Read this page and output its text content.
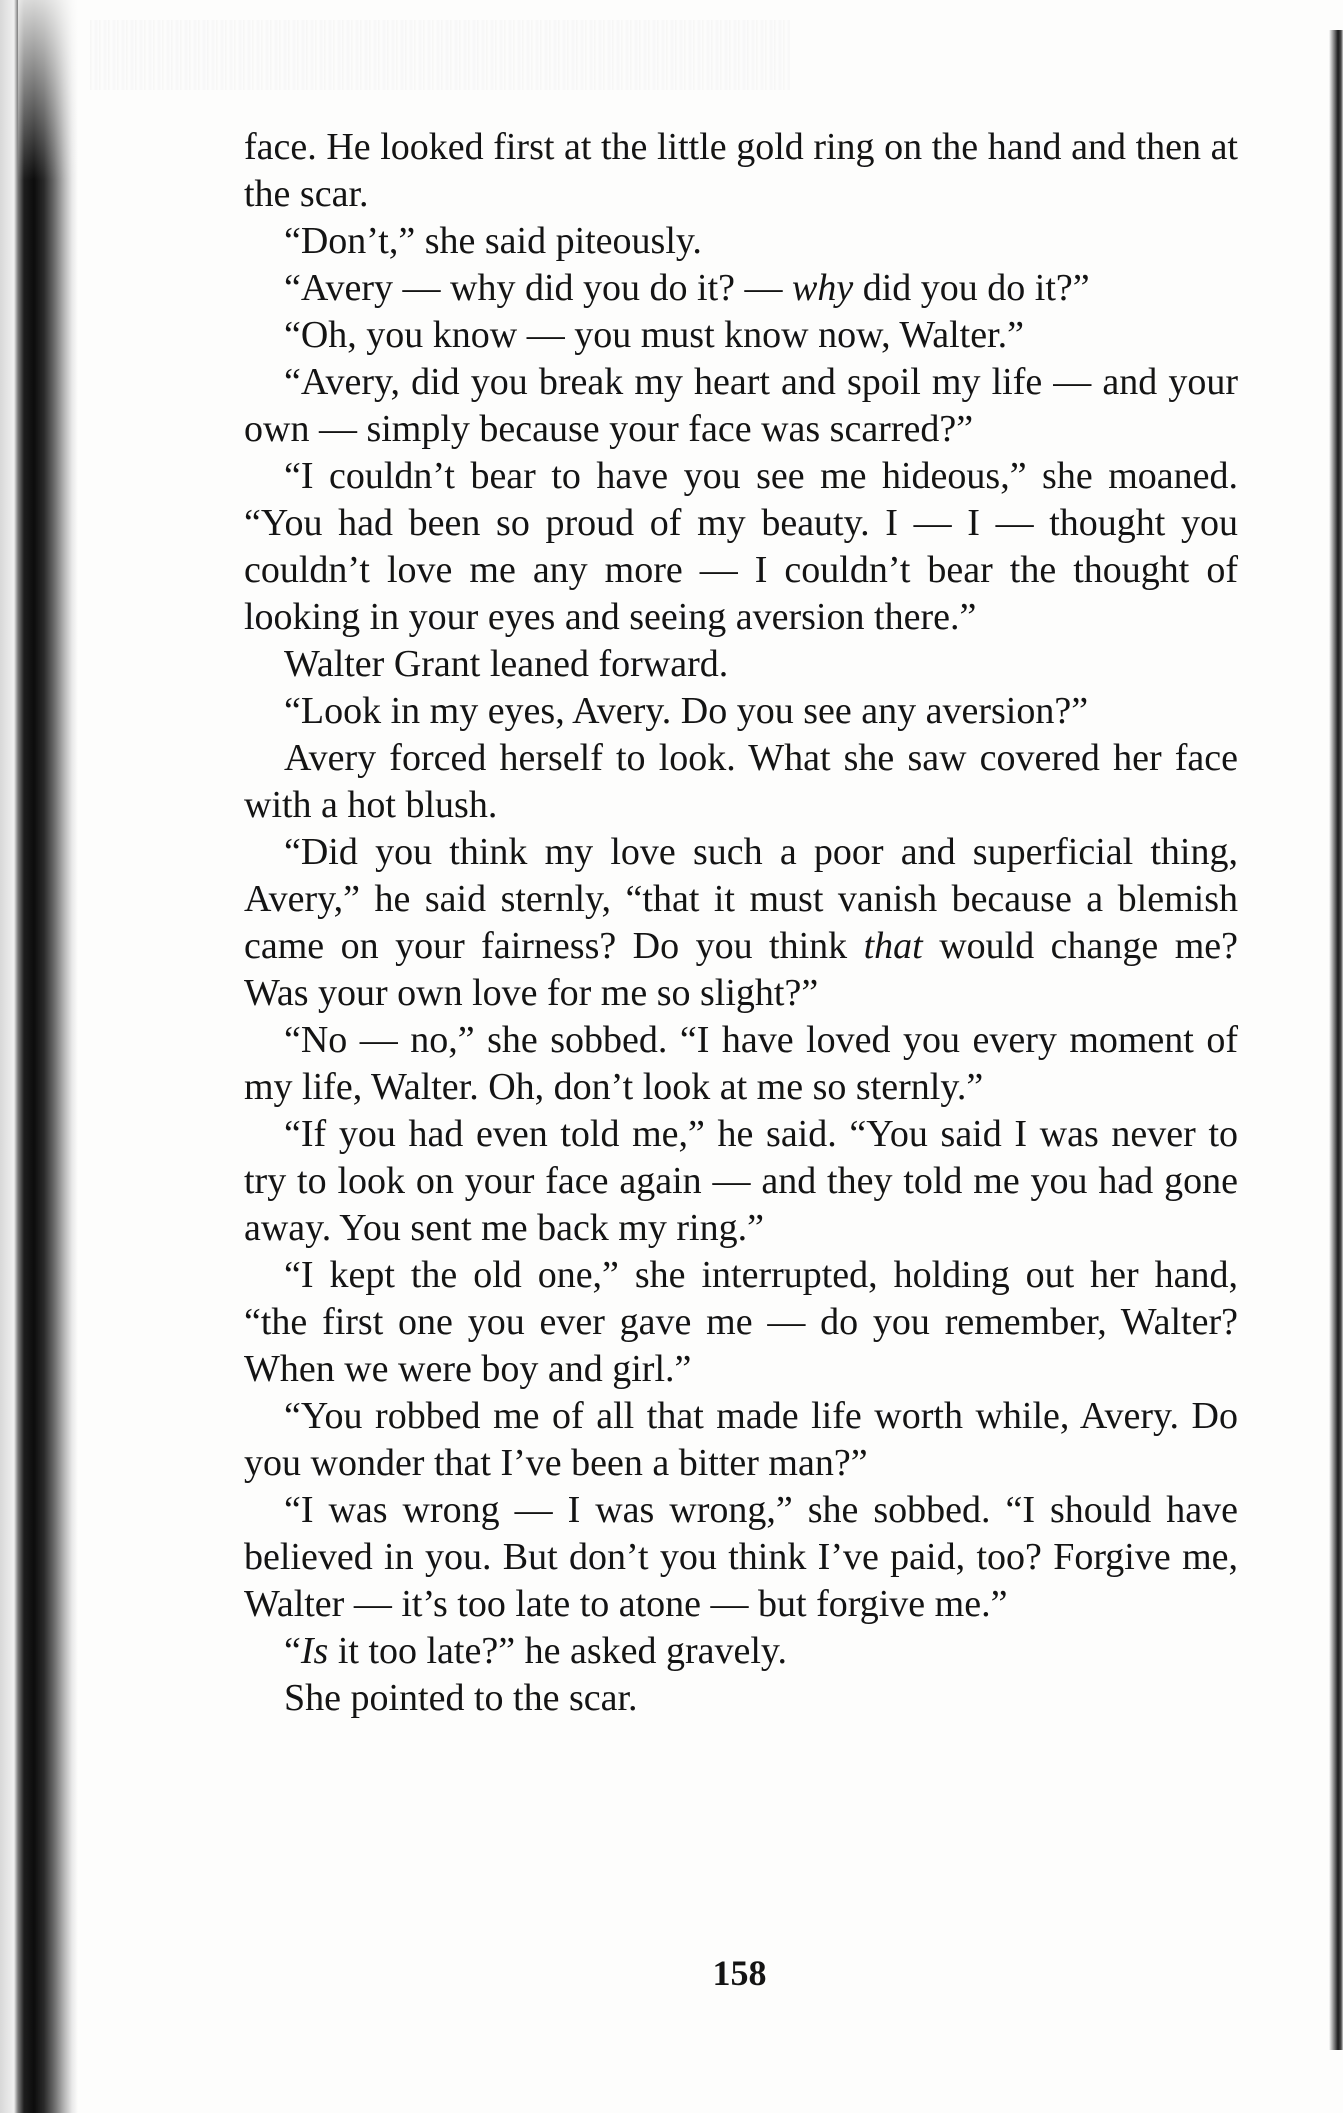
face. He looked first at the little gold ring on the hand and then at the scar.

“Don’t,” she said piteously.

“Avery — why did you do it? — why did you do it?”

“Oh, you know — you must know now, Walter.”

“Avery, did you break my heart and spoil my life — and your own — simply because your face was scarred?”

“I couldn’t bear to have you see me hideous,” she moaned. “You had been so proud of my beauty. I — I — thought you couldn’t love me any more — I couldn’t bear the thought of looking in your eyes and seeing aversion there.”

Walter Grant leaned forward.

“Look in my eyes, Avery. Do you see any aversion?”

Avery forced herself to look. What she saw covered her face with a hot blush.

“Did you think my love such a poor and superficial thing, Avery,” he said sternly, “that it must vanish because a blemish came on your fairness? Do you think that would change me? Was your own love for me so slight?”

“No — no,” she sobbed. “I have loved you every moment of my life, Walter. Oh, don’t look at me so sternly.”

“If you had even told me,” he said. “You said I was never to try to look on your face again — and they told me you had gone away. You sent me back my ring.”

“I kept the old one,” she interrupted, holding out her hand, “the first one you ever gave me — do you remember, Walter? When we were boy and girl.”

“You robbed me of all that made life worth while, Avery. Do you wonder that I’ve been a bitter man?”

“I was wrong — I was wrong,” she sobbed. “I should have believed in you. But don’t you think I’ve paid, too? Forgive me, Walter — it’s too late to atone — but forgive me.”

“Is it too late?” he asked gravely.

She pointed to the scar.

158
